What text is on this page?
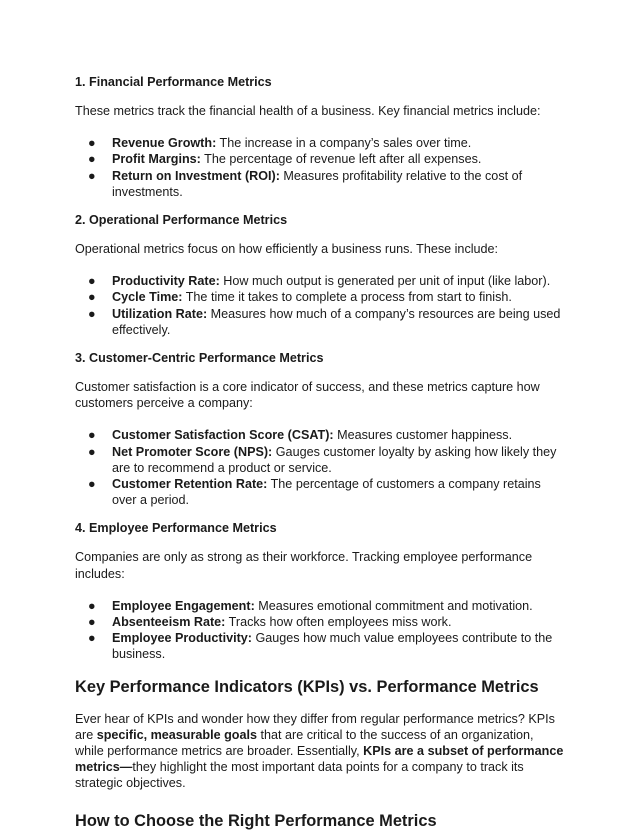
1. Financial Performance Metrics

These metrics track the financial health of a business. Key financial metrics include:

● Revenue Growth: The increase in a company’s sales over time.
● Profit Margins: The percentage of revenue left after all expenses.
● Return on Investment (ROI): Measures profitability relative to the cost of investments.
2. Operational Performance Metrics

Operational metrics focus on how efficiently a business runs. These include:

● Productivity Rate: How much output is generated per unit of input (like labor).
● Cycle Time: The time it takes to complete a process from start to finish.
● Utilization Rate: Measures how much of a company’s resources are being used effectively.
3. Customer-Centric Performance Metrics

Customer satisfaction is a core indicator of success, and these metrics capture how customers perceive a company:

● Customer Satisfaction Score (CSAT): Measures customer happiness.
● Net Promoter Score (NPS): Gauges customer loyalty by asking how likely they are to recommend a product or service.
● Customer Retention Rate: The percentage of customers a company retains over a period.
4. Employee Performance Metrics

Companies are only as strong as their workforce. Tracking employee performance includes:

● Employee Engagement: Measures emotional commitment and motivation.
● Absenteeism Rate: Tracks how often employees miss work.
● Employee Productivity: Gauges how much value employees contribute to the business.
Key Performance Indicators (KPIs) vs. Performance Metrics

Ever hear of KPIs and wonder how they differ from regular performance metrics? KPIs are specific, measurable goals that are critical to the success of an organization, while performance metrics are broader. Essentially, KPIs are a subset of performance metrics—they highlight the most important data points for a company to track its strategic objectives.

How to Choose the Right Performance Metrics
